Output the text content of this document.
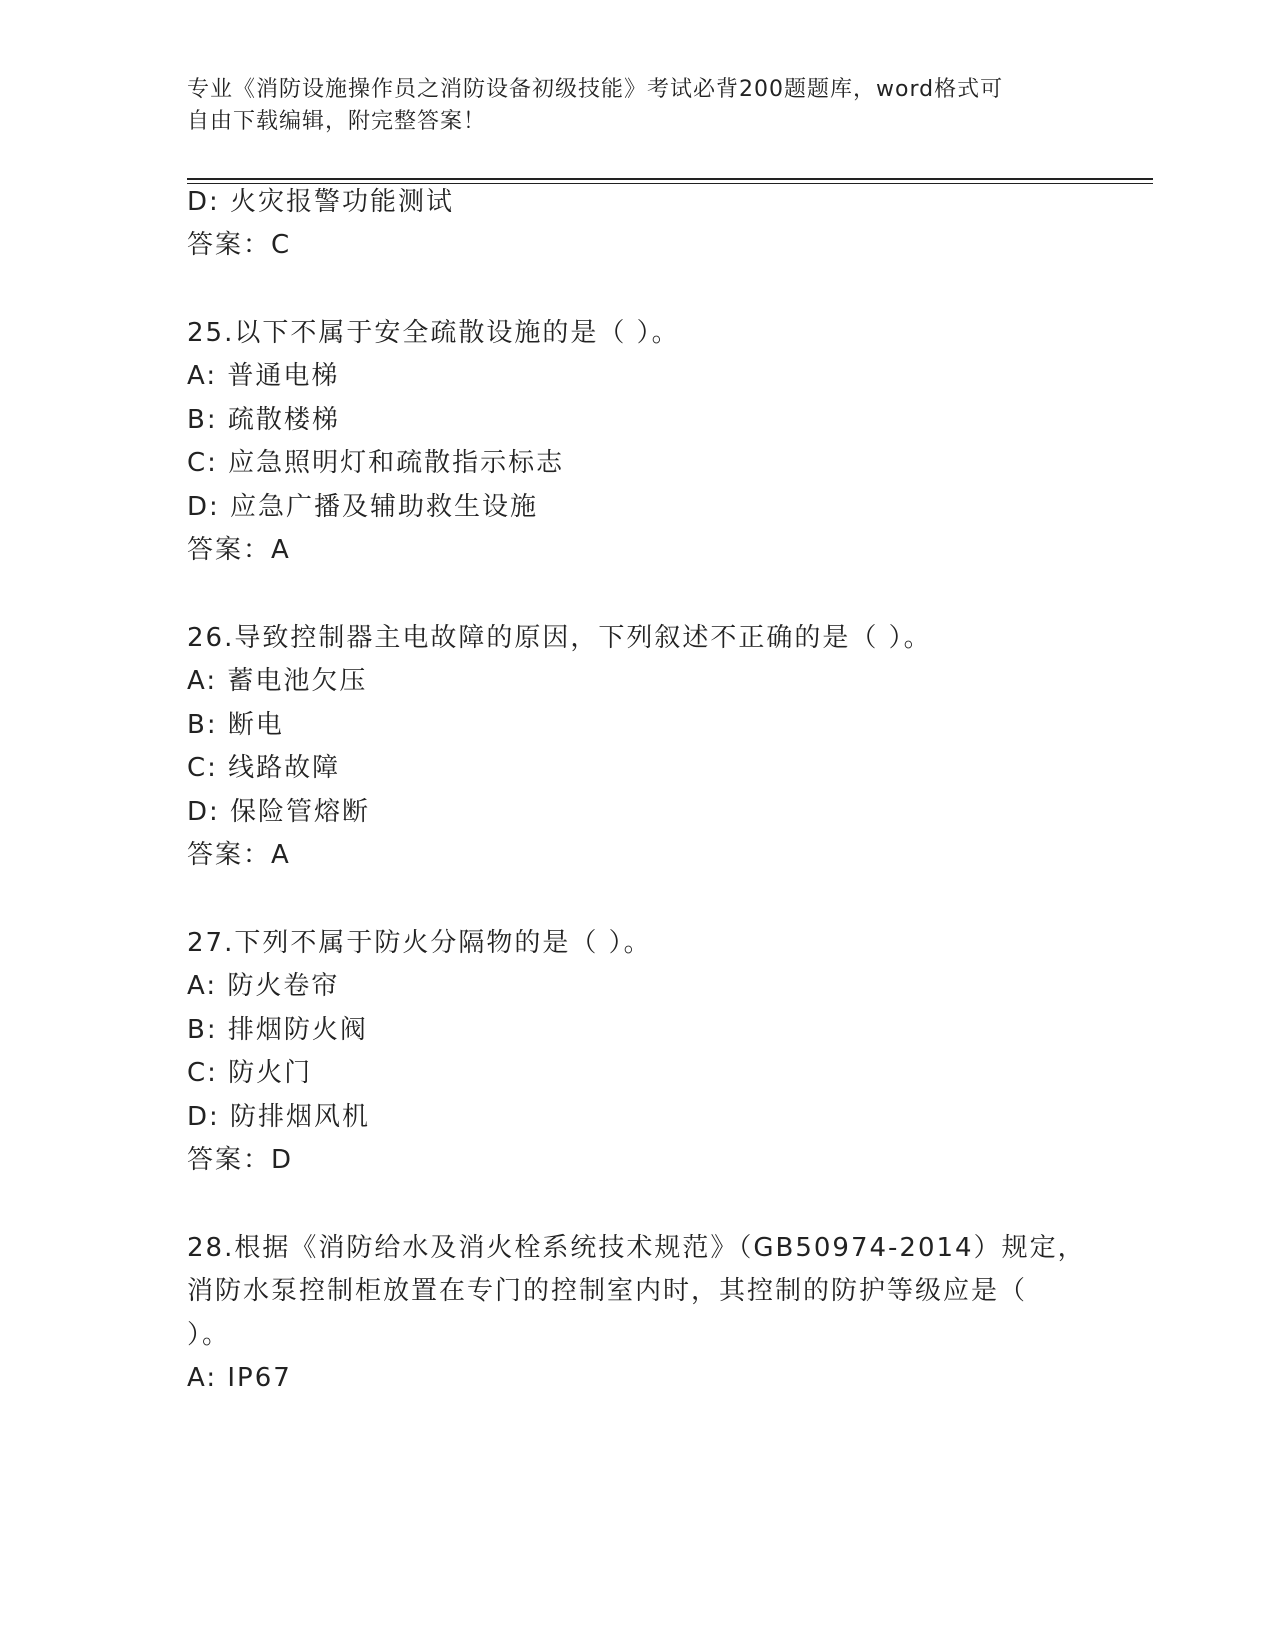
专业《消防设施操作员之消防设备初级技能》考试必背200题题库，word格式可
自由下载编辑，附完整答案！
D: 火灾报警功能测试
答案：C
25.以下不属于安全疏散设施的是（ ）。
A: 普通电梯
B: 疏散楼梯
C: 应急照明灯和疏散指示标志
D: 应急广播及辅助救生设施
答案：A
26.导致控制器主电故障的原因，下列叙述不正确的是（ ）。
A: 蓄电池欠压
B: 断电
C: 线路故障
D: 保险管熔断
答案：A
27.下列不属于防火分隔物的是（ ）。
A: 防火卷帘
B: 排烟防火阀
C: 防火门
D: 防排烟风机
答案：D
28.根据《消防给水及消火栓系统技术规范》（GB50974-2014）规定，
消防水泵控制柜放置在专门的控制室内时，其控制的防护等级应是（
）。
A: IP67
